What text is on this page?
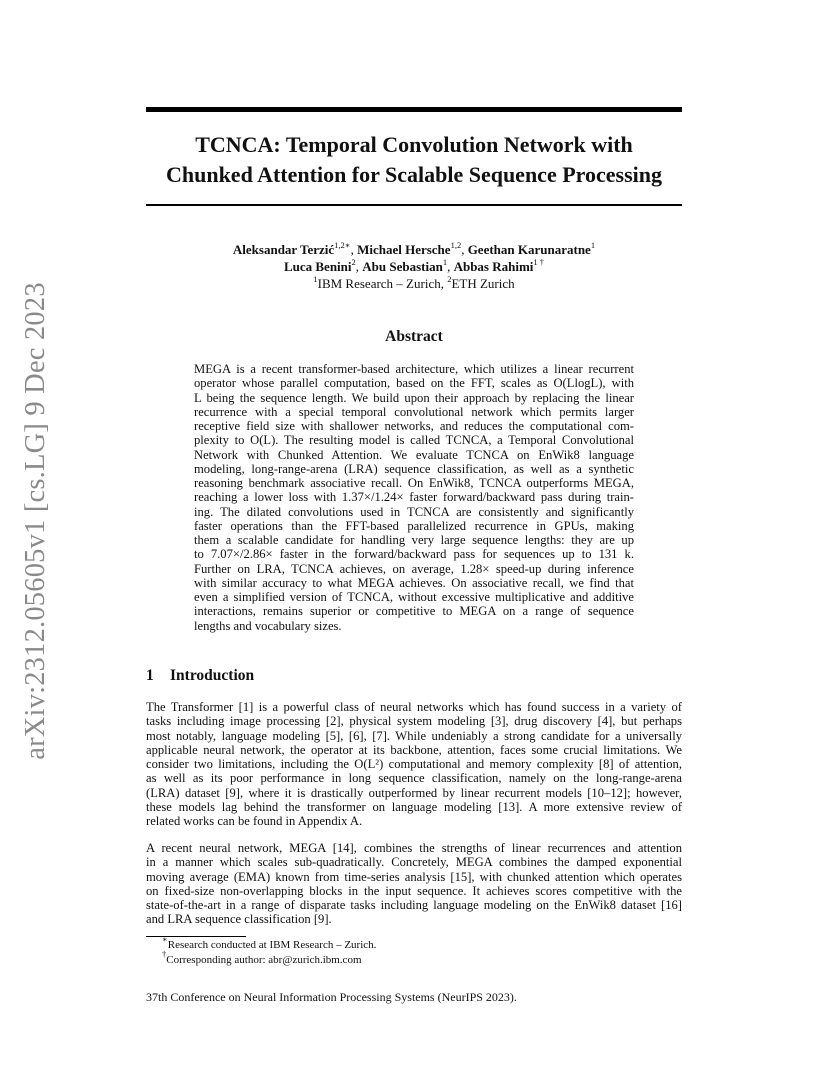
arXiv:2312.05605v1 [cs.LG] 9 Dec 2023
TCNCA: Temporal Convolution Network with
Chunked Attention for Scalable Sequence Processing
Aleksandar Terzić$^{1,2∗}$, Michael Hersche$^{1,2}$, Geethan Karunaratne$^1$
Luca Benini$^2$, Abu Sebastian$^1$, Abbas Rahimi$^{1 \dagger}$
$^1$IBM Research – Zurich, $^2$ETH Zurich
Abstract
MEGA is a recent transformer-based architecture, which utilizes a linear recurrent
operator whose parallel computation, based on the FFT, scales as O(LlogL), with
L being the sequence length. We build upon their approach by replacing the linear
recurrence with a special temporal convolutional network which permits larger
receptive field size with shallower networks, and reduces the computational com-
plexity to O(L). The resulting model is called TCNCA, a Temporal Convolutional
Network with Chunked Attention. We evaluate TCNCA on EnWik8 language
modeling, long-range-arena (LRA) sequence classification, as well as a synthetic
reasoning benchmark associative recall. On EnWik8, TCNCA outperforms MEGA,
reaching a lower loss with 1.37×/1.24× faster forward/backward pass during train-
ing. The dilated convolutions used in TCNCA are consistently and significantly
faster operations than the FFT-based parallelized recurrence in GPUs, making
them a scalable candidate for handling very large sequence lengths: they are up
to 7.07×/2.86× faster in the forward/backward pass for sequences up to 131 k.
Further on LRA, TCNCA achieves, on average, 1.28× speed-up during inference
with similar accuracy to what MEGA achieves. On associative recall, we find that
even a simplified version of TCNCA, without excessive multiplicative and additive
interactions, remains superior or competitive to MEGA on a range of sequence
lengths and vocabulary sizes.
1 Introduction
The Transformer [1] is a powerful class of neural networks which has found success in a variety of
tasks including image processing [2], physical system modeling [3], drug discovery [4], but perhaps
most notably, language modeling [5], [6], [7]. While undeniably a strong candidate for a universally
applicable neural network, the operator at its backbone, attention, faces some crucial limitations. We
consider two limitations, including the O(L²) computational and memory complexity [8] of attention,
as well as its poor performance in long sequence classification, namely on the long-range-arena
(LRA) dataset [9], where it is drastically outperformed by linear recurrent models [10–12]; however,
these models lag behind the transformer on language modeling [13]. A more extensive review of
related works can be found in Appendix A.
A recent neural network, MEGA [14], combines the strengths of linear recurrences and attention
in a manner which scales sub-quadratically. Concretely, MEGA combines the damped exponential
moving average (EMA) known from time-series analysis [15], with chunked attention which operates
on fixed-size non-overlapping blocks in the input sequence. It achieves scores competitive with the
state-of-the-art in a range of disparate tasks including language modeling on the EnWik8 dataset [16]
and LRA sequence classification [9].
∗Research conducted at IBM Research – Zurich.
†Corresponding author: abr@zurich.ibm.com
37th Conference on Neural Information Processing Systems (NeurIPS 2023).
